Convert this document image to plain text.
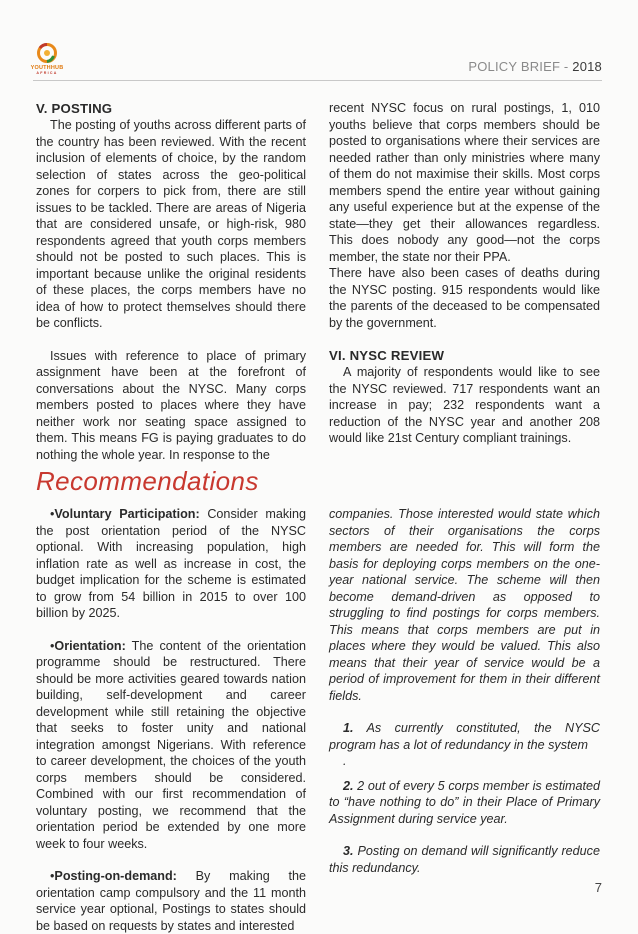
YOUTHHUB
AFRICA	POLICY BRIEF - 2018

V. POSTING

The posting of youths across different parts of the country has been reviewed. With the recent inclusion of elements of choice, by the random selection of states across the geo-political zones for corpers to pick from, there are still issues to be tackled. There are areas of Nigeria that are considered unsafe, or high-risk, 980 respondents agreed that youth corps members should not be posted to such places. This is important because unlike the original residents of these places, the corps members have no idea of how to protect themselves should there be conflicts.

Issues with reference to place of primary assignment have been at the forefront of conversations about the NYSC. Many corps members posted to places where they have neither work nor seating space assigned to them. This means FG is paying graduates to do nothing the whole year. In response to the

recent NYSC focus on rural postings, 1, 010 youths believe that corps members should be posted to organisations where their services are needed rather than only ministries where many of them do not maximise their skills. Most corps members spend the entire year without gaining any useful experience but at the expense of the state—they get their allowances regardless. This does nobody any good—not the corps member, the state nor their PPA.

There have also been cases of deaths during the NYSC posting. 915 respondents would like the parents of the deceased to be compensated by the government.

VI. NYSC REVIEW

A majority of respondents would like to see the NYSC reviewed. 717 respondents want an increase in pay; 232 respondents want a reduction of the NYSC year and another 208 would like 21st Century compliant trainings.

Recommendations

•Voluntary Participation: Consider making the post orientation period of the NYSC optional. With increasing population, high inflation rate as well as increase in cost, the budget implication for the scheme is estimated to grow from 54 billion in 2015 to over 100 billion by 2025.

•Orientation: The content of the orientation programme should be restructured. There should be more activities geared towards nation building, self-development and career development while still retaining the objective that seeks to foster unity and national integration amongst Nigerians. With reference to career development, the choices of the youth corps members should be considered. Combined with our first recommendation of voluntary posting, we recommend that the orientation period be extended by one more week to four weeks.

•Posting-on-demand: By making the orientation camp compulsory and the 11 month service year optional, Postings to states should be based on requests by states and interested

companies. Those interested would state which sectors of their organisations the corps members are needed for. This will form the basis for deploying corps members on the one-year national service. The scheme will then become demand-driven as opposed to struggling to find postings for corps members. This means that corps members are put in places where they would be valued. This also means that their year of service would be a period of improvement for them in their different fields.

1. As currently constituted, the NYSC program has a lot of redundancy in the system

.

2. 2 out of every 5 corps member is estimated to “have nothing to do” in their Place of Primary Assignment during service year.

3. Posting on demand will significantly reduce this redundancy.

7
